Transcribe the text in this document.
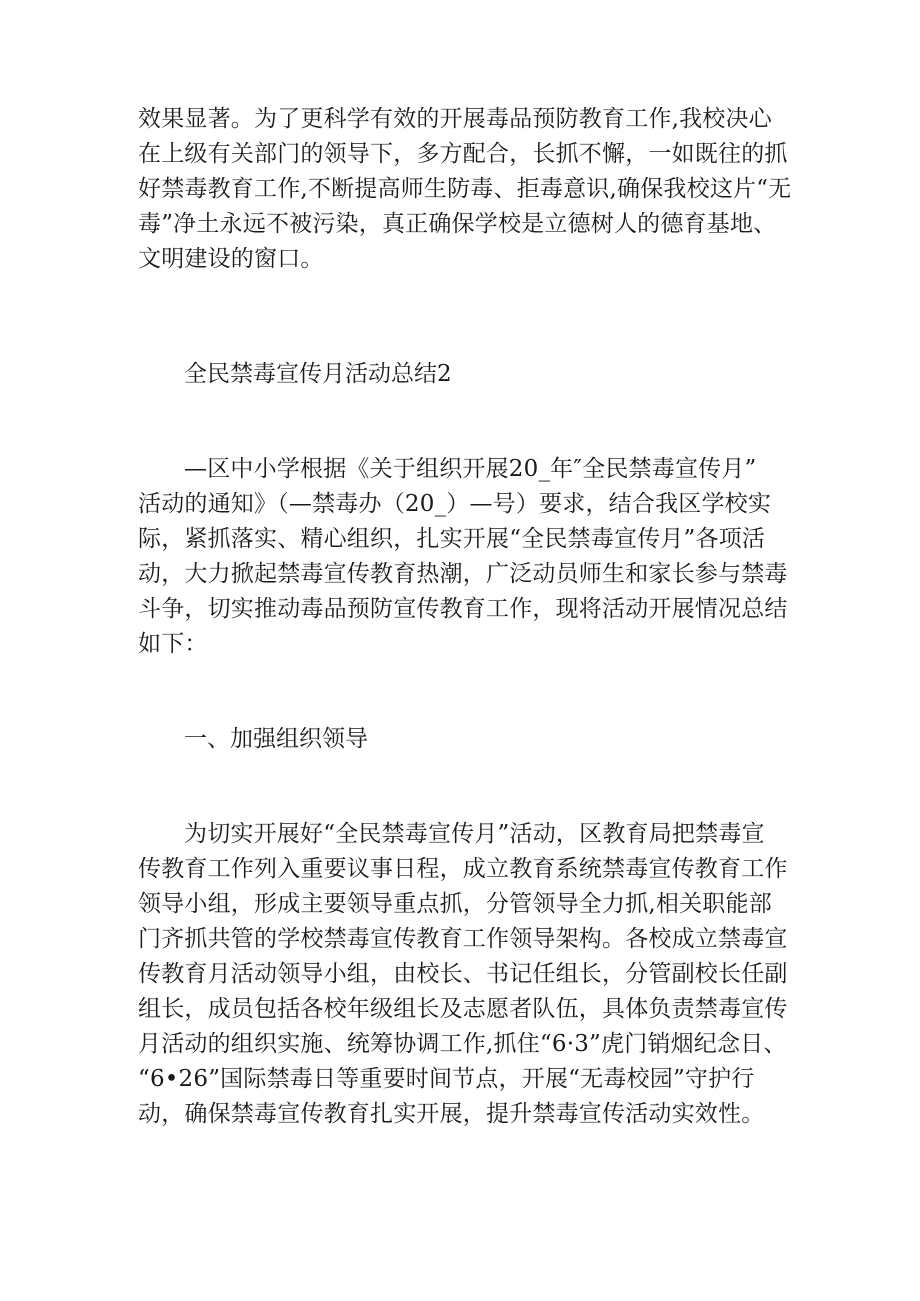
效果显著。为了更科学有效的开展毒品预防教育工作,我校决心
在上级有关部门的领导下，多方配合，长抓不懈，一如既往的抓
好禁毒教育工作,不断提高师生防毒、拒毒意识,确保我校这片“无
毒”净土永远不被污染，真正确保学校是立德树人的德育基地、
文明建设的窗口。
全民禁毒宣传月活动总结2
—区中小学根据《关于组织开展20_年″全民禁毒宣传月”
活动的通知》（—禁毒办（20_）—号）要求，结合我区学校实
际，紧抓落实、精心组织，扎实开展“全民禁毒宣传月”各项活
动，大力掀起禁毒宣传教育热潮，广泛动员师生和家长参与禁毒
斗争，切实推动毒品预防宣传教育工作，现将活动开展情况总结
如下：
一、加强组织领导
为切实开展好“全民禁毒宣传月”活动，区教育局把禁毒宣
传教育工作列入重要议事日程，成立教育系统禁毒宣传教育工作
领导小组，形成主要领导重点抓，分管领导全力抓,相关职能部
门齐抓共管的学校禁毒宣传教育工作领导架构。各校成立禁毒宣
传教育月活动领导小组，由校长、书记任组长，分管副校长任副
组长，成员包括各校年级组长及志愿者队伍，具体负责禁毒宣传
月活动的组织实施、统筹协调工作,抓住“6·3”虎门销烟纪念日、
“6•26”国际禁毒日等重要时间节点，开展“无毒校园”守护行
动，确保禁毒宣传教育扎实开展，提升禁毒宣传活动实效性。
